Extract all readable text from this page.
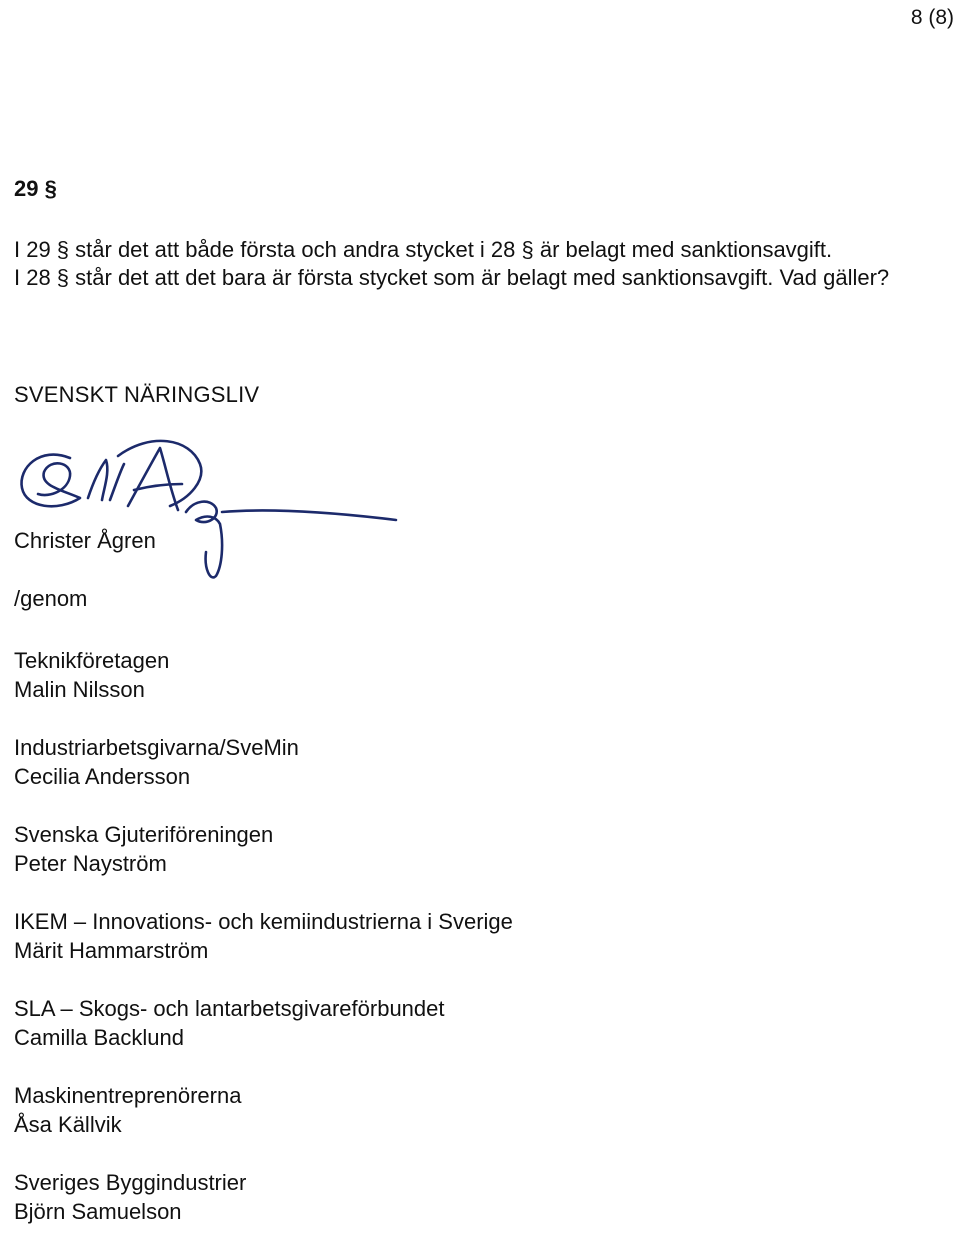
8 (8)
29 §

I 29 § står det att både första och andra stycket i 28 § är belagt med sanktionsavgift.

I 28 § står det att det bara är första stycket som är belagt med sanktionsavgift. Vad gäller?

SVENSKT NÄRINGSLIV
Christer Ågren
/genom
Teknikföretagen
Malin Nilsson
Industriarbetsgivarna/SveMin
Cecilia Andersson
Svenska Gjuteriföreningen
Peter Nayström
IKEM – Innovations- och kemiindustrierna i Sverige
Märit Hammarström
SLA – Skogs- och lantarbetsgivareförbundet
Camilla Backlund
Maskinentreprenörerna
Åsa Källvik
Sveriges Byggindustrier
Björn Samuelson
